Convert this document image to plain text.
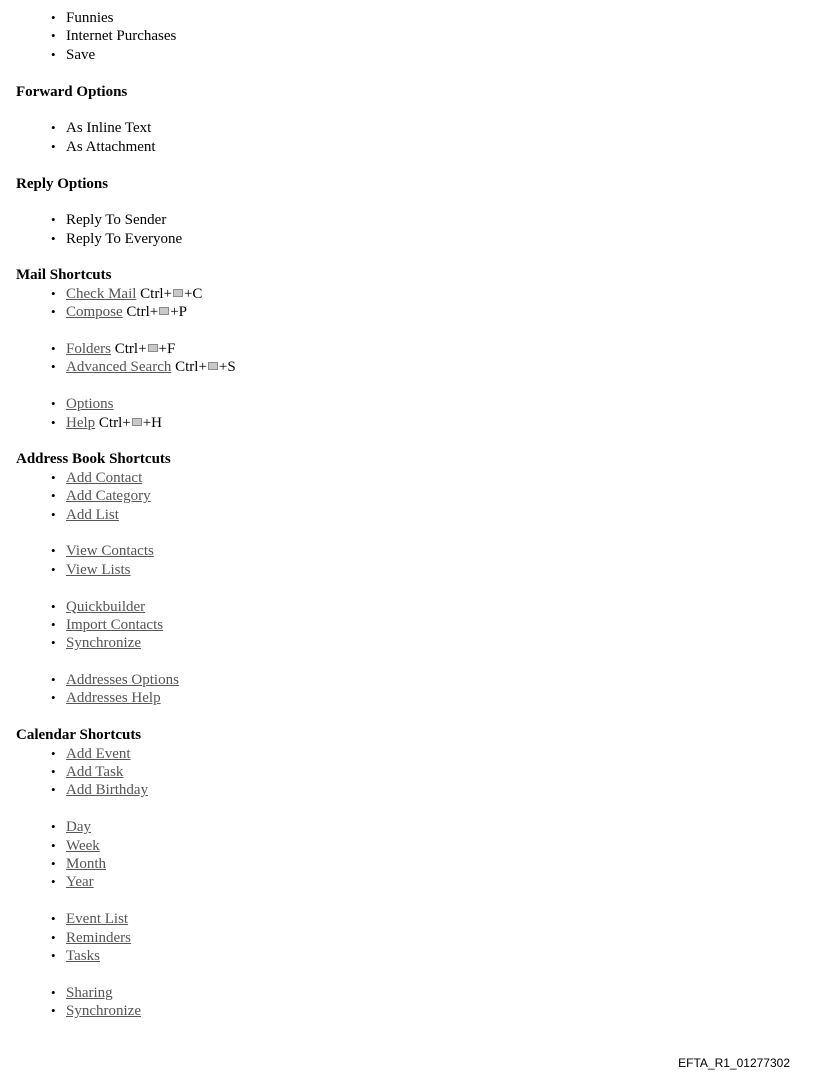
• Funnies
• Internet Purchases
• Save

Forward Options

• As Inline Text
• As Attachment

Reply Options

• Reply To Sender
• Reply To Everyone

Mail Shortcuts

• Check Mail Ctrl+ +C
• Compose Ctrl+ +P
• Folders Ctrl+ +F
• Advanced Search Ctrl+ +S
• Options
• Help Ctrl+ +H

Address Book Shortcuts

• Add Contact
• Add Category
• Add List
• View Contacts
• View Lists
• Quickbuilder
• Import Contacts
• Synchronize
• Addresses Options
• Addresses Help

Calendar Shortcuts

• Add Event
• Add Task
• Add Birthday
• Day
• Week
• Month
• Year
• Event List
• Reminders
• Tasks
• Sharing
• Synchronize
EFTA_R1_01277302
